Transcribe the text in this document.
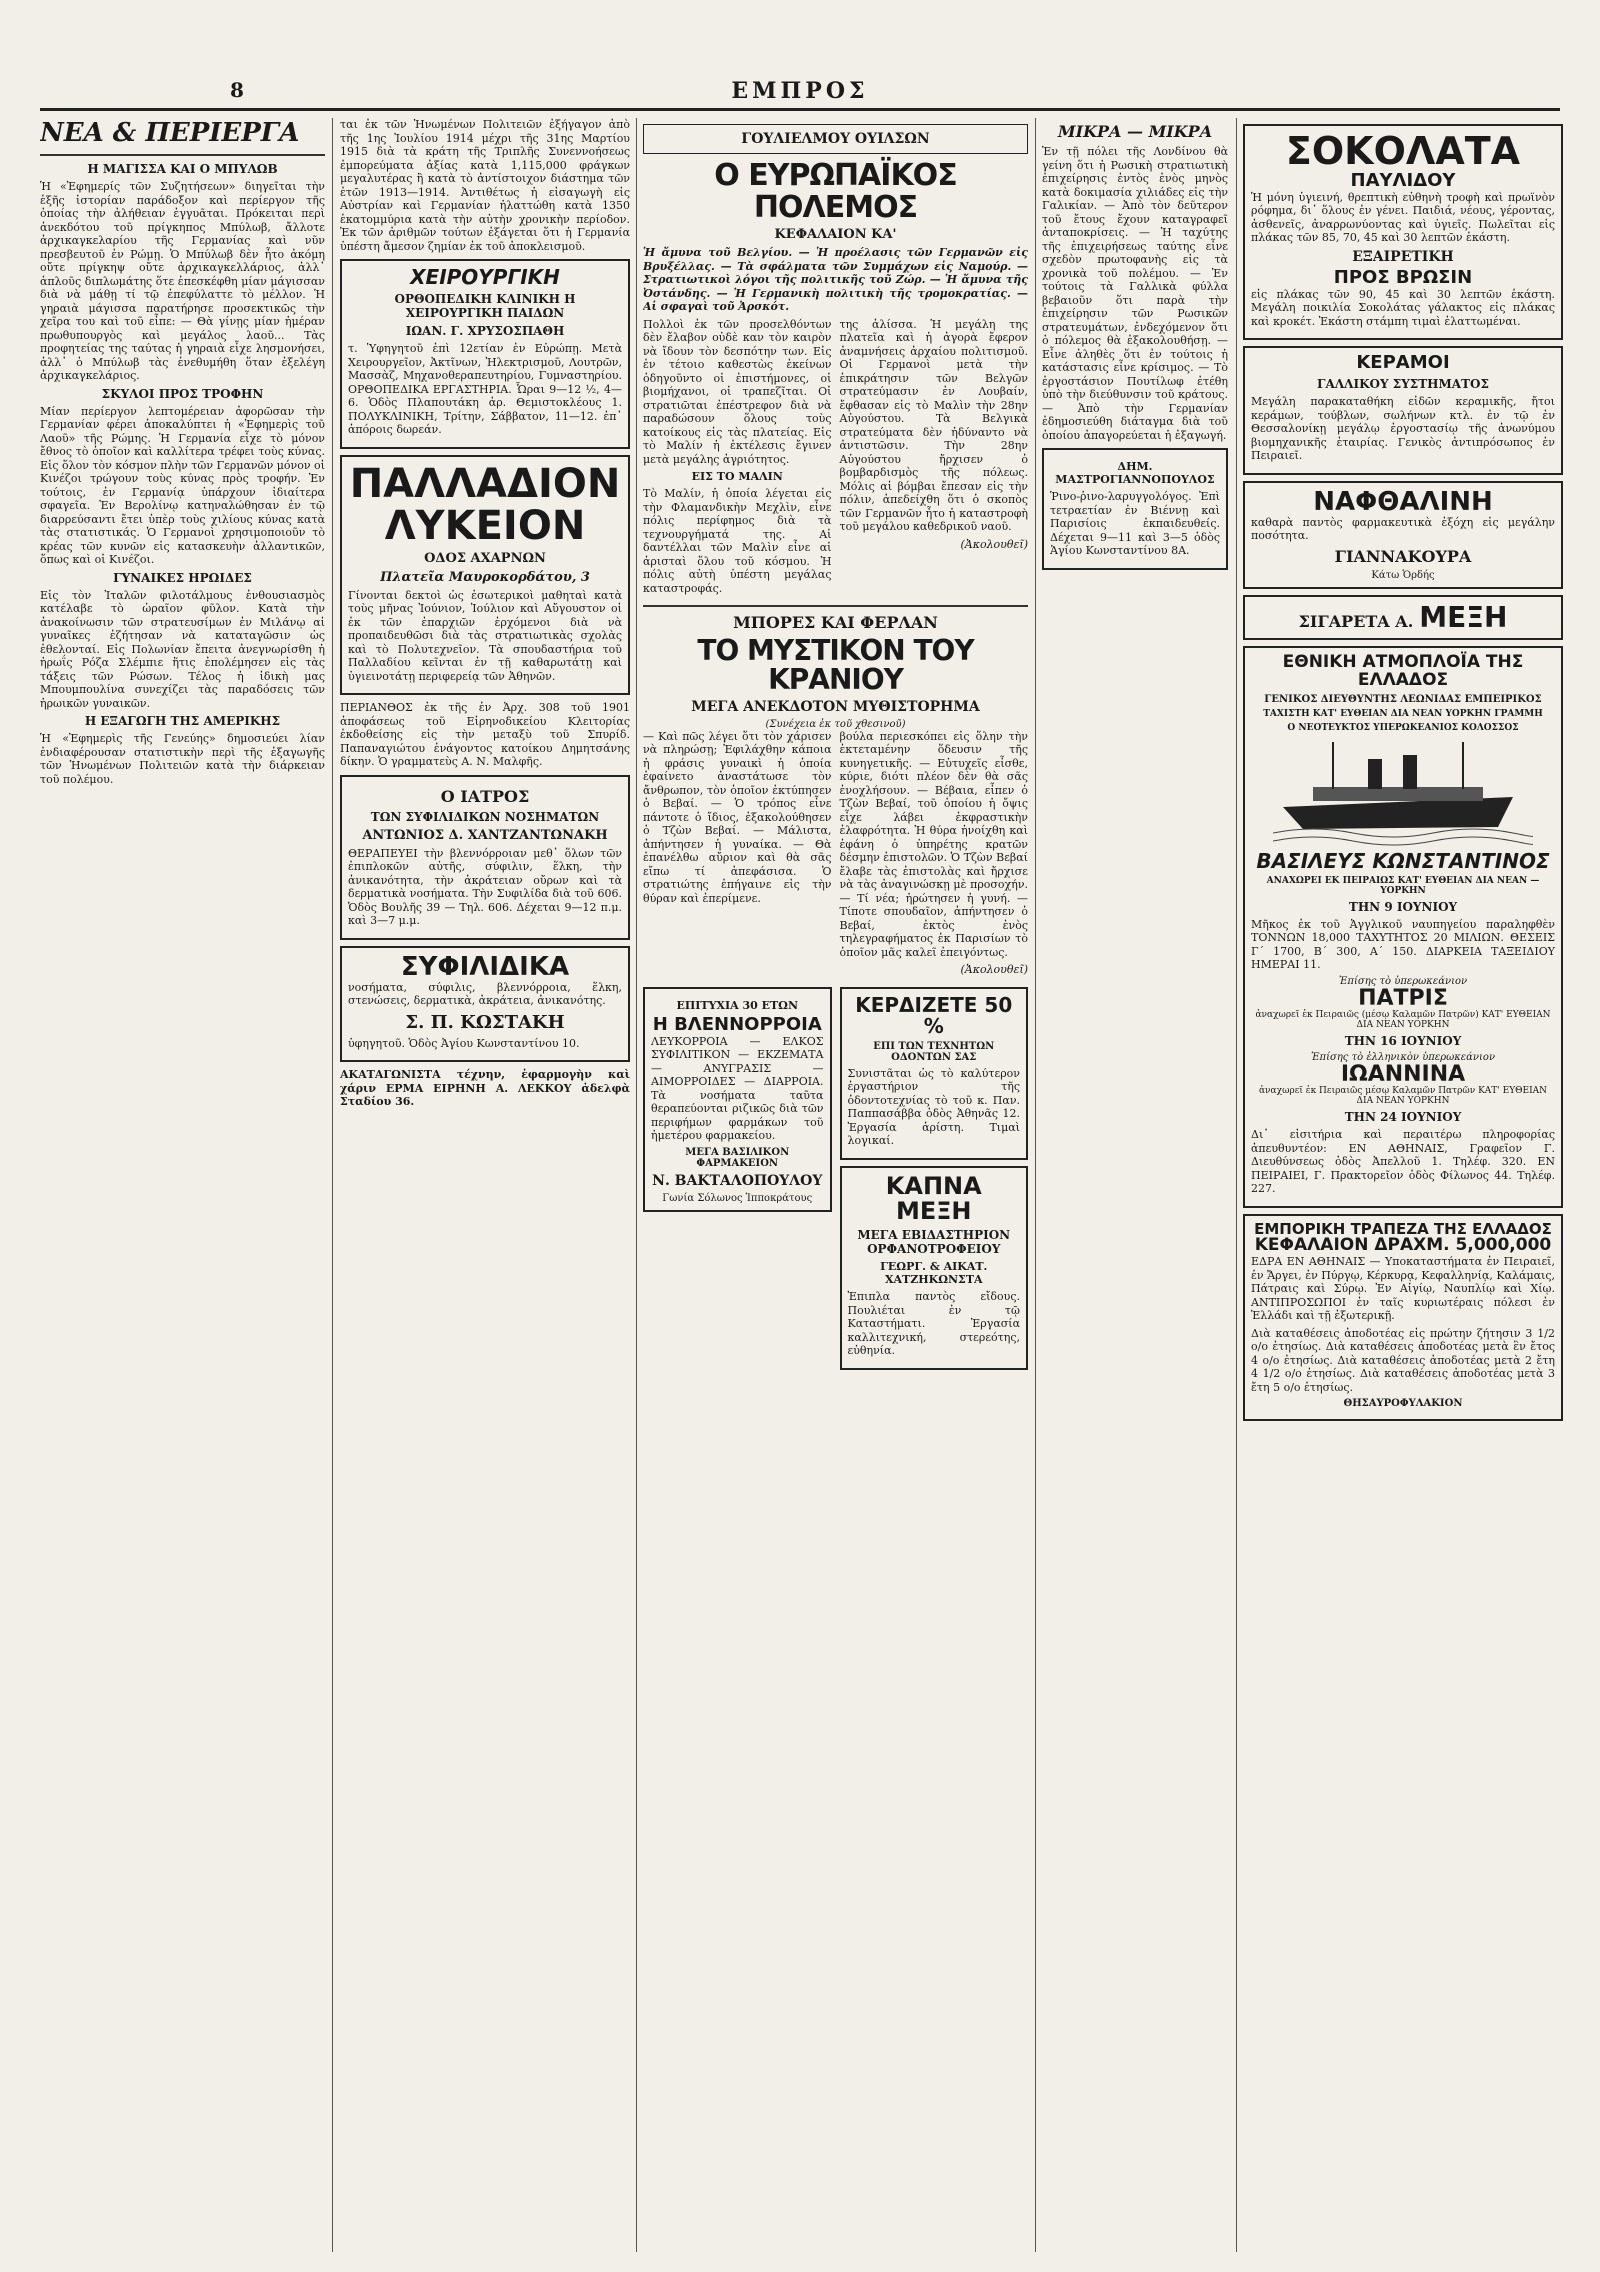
8	ΕΜΠΡΟΣ
ΝΕΑ & ΠΕΡΙΕΡΓΑ
Η ΜΑΓΙΣΣΑ ΚΑΙ Ο ΜΠΥΛΩΒ

Ἡ «Ἐφημερίς τῶν Συζητήσεων» διηγεῖται τὴν ἑξῆς ἱστορίαν παράδοξον καὶ περίεργον τῆς ὁποίας τὴν ἀλήθειαν ἐγγυᾶται. Πρόκειται περὶ ἀνεκδότου τοῦ πρίγκηπος Μπύλωβ, ἄλλοτε ἀρχικαγκελαρίου τῆς Γερμανίας καὶ νῦν πρεσβευτοῦ ἐν Ρώμῃ. Ὁ Μπύλωβ δὲν ἦτο ἀκόμη οὔτε πρίγκηψ οὔτε ἀρχικαγκελλάριος, ἀλλ᾽ ἁπλοῦς διπλωμάτης ὅτε ἐπεσκέφθη μίαν μάγισσαν διὰ νὰ μάθῃ τί τῷ ἐπεφύλαττε τὸ μέλλον. Ἡ γηραιὰ μάγισσα παρατήρησε προσεκτικῶς τὴν χεῖρα του καὶ τοῦ εἶπε: — Θὰ γίνῃς μίαν ἡμέραν πρωθυπουργὸς καὶ μεγάλος λαοῦ... Τὰς προφητείας της ταύτας ἡ γηραιὰ εἶχε λησμονήσει, ἀλλ᾽ ὁ Μπύλωβ τὰς ἐνεθυμήθη ὅταν ἐξελέγη ἀρχικαγκελάριος.

ΣΚΥΛΟΙ ΠΡΟΣ ΤΡΟΦΗΝ

Μίαν περίεργον λεπτομέρειαν ἀφορῶσαν τὴν Γερμανίαν φέρει ἀποκαλύπτει ἡ «Ἐφημερὶς τοῦ Λαοῦ» τῆς Ρώμης. Ἡ Γερμανία εἶχε τὸ μόνον ἔθνος τὸ ὁποῖον καὶ καλλίτερα τρέφει τοὺς κύνας. Εἰς ὅλον τὸν κόσμον πλὴν τῶν Γερμανῶν μόνον οἱ Κινέζοι τρώγουν τοὺς κύνας πρὸς τροφήν. Ἐν τούτοις, ἐν Γερμανίᾳ ὑπάρχουν ἰδιαίτερα σφαγεῖα. Ἐν Βερολίνῳ κατηναλώθησαν ἐν τῷ διαρρεύσαντι ἔτει ὑπὲρ τοὺς χιλίους κύνας κατὰ τὰς στατιστικάς. Ὁ Γερμανοὶ χρησιμοποιοῦν τὸ κρέας τῶν κυνῶν εἰς κατασκευὴν ἀλλαντικῶν, ὅπως καὶ οἱ Κινέζοι.

ΓΥΝΑΙΚΕΣ ΗΡΩΙΔΕΣ

Εἰς τὸν Ἰταλῶν φιλοτάλμους ἐνθουσιασμὸς κατέλαβε τὸ ὡραῖον φῦλον. Κατὰ τὴν ἀνακοίνωσιν τῶν στρατευσίμων ἐν Μιλάνῳ αἱ γυναῖκες ἐζήτησαν νὰ καταταγῶσιν ὡς ἐθελονταί. Εἰς Πολωνίαν ἔπειτα ἀνεγνωρίσθη ἡ ἡρωΐς Ρόζα Σλέμπιε ἥτις ἐπολέμησεν εἰς τὰς τάξεις τῶν Ρώσων. Τέλος ἡ ἰδικὴ μας Μπουμπουλίνα συνεχίζει τὰς παραδόσεις τῶν ἡρωικῶν γυναικῶν.

Η ΕΞΑΓΩΓΗ ΤΗΣ ΑΜΕΡΙΚΗΣ

Ἡ «Ἐφημερὶς τῆς Γενεύης» δημοσιεύει λίαν ἐνδιαφέρουσαν στατιστικὴν περὶ τῆς ἐξαγωγῆς τῶν Ἡνωμένων Πολιτειῶν κατὰ τὴν διάρκειαν τοῦ πολέμου.

ται ἐκ τῶν Ἡνωμένων Πολιτειῶν ἐξήγαγον ἀπὸ τῆς 1ης Ἰουλίου 1914 μέχρι τῆς 31ης Μαρτίου 1915 διὰ τὰ κράτη τῆς Τριπλῆς Συνεννοήσεως ἐμπορεύματα ἀξίας κατὰ 1,115,000 φράγκων μεγαλυτέρας ἢ κατὰ τὸ ἀντίστοιχον διάστημα τῶν ἐτῶν 1913—1914. Ἀντιθέτως ἡ εἰσαγωγὴ εἰς Αὐστρίαν καὶ Γερμανίαν ἠλαττώθη κατὰ 1350 ἑκατομμύρια κατὰ τὴν αὐτὴν χρονικὴν περίοδον. Ἐκ τῶν ἀριθμῶν τούτων ἐξάγεται ὅτι ἡ Γερμανία ὑπέστη ἄμεσον ζημίαν ἐκ τοῦ ἀποκλεισμοῦ.

ΧΕΙΡΟΥΡΓΙΚΗ
ΟΡΘΟΠΕΔΙΚΗ ΚΛΙΝΙΚΗ Η ΧΕΙΡΟΥΡΓΙΚΗ ΠΑΙΔΩΝ
ΙΩΑΝ. Γ. ΧΡΥΣΟΣΠΑΘΗ

τ. Ὑφηγητοῦ ἐπὶ 12ετίαν ἐν Εὐρώπῃ. Μετὰ Χειρουργεῖον, Ἀκτῖνων, Ἠλεκτρισμοῦ, Λουτρῶν, Μασσὰζ, Μηχανοθεραπευτηρίου, Γυμναστηρίου. ΟΡΘΟΠΕΔΙΚΑ ΕΡΓΑΣΤΗΡΙΑ. Ὧραι 9—12 ½, 4—6. Ὁδὸς Πλαπουτάκη ἀρ. Θεμιστοκλέους 1. ΠΟΛΥΚΛΙΝΙΚΗ, Τρίτην, Σάββατον, 11—12. ἐπ᾽ ἀπόροις δωρεάν.

ΠΑΛΛΑΔΙΟΝ ΛΥΚΕΙΟΝ
ΟΔΟΣ ΑΧΑΡΝΩΝ
Πλατεῖα Μαυροκορδάτου, 3

Γίνονται δεκτοὶ ὡς ἐσωτερικοὶ μαθηταὶ κατὰ τοὺς μῆνας Ἰούνιον, Ἰούλιον καὶ Αὔγουστον οἱ ἐκ τῶν ἐπαρχιῶν ἐρχόμενοι διὰ νὰ προπαιδευθῶσι διὰ τὰς στρατιωτικὰς σχολὰς καὶ τὸ Πολυτεχνεῖον. Τὰ σπουδαστήρια τοῦ Παλλαδίου κεῖνται ἐν τῇ καθαρωτάτῃ καὶ ὑγιεινοτάτῃ περιφερείᾳ τῶν Ἀθηνῶν.

ΠΕΡΙΑΝΘΟΣ ἐκ τῆς ἐν Ἀρχ. 308 τοῦ 1901 ἀποφάσεως τοῦ Εἰρηνοδικείου Κλειτορίας ἐκδοθείσης εἰς τὴν μεταξὺ τοῦ Σπυρίδ. Παπαναγιώτου ἐνάγοντος κατοίκου Δημητσάνης δίκην. Ὁ γραμματεὺς Α. Ν. Μαλφῆς.

Ο ΙΑΤΡΟΣ
ΤΩΝ ΣΥΦΙΛΙΔΙΚΩΝ ΝΟΣΗΜΑΤΩΝ
ΑΝΤΩΝΙΟΣ Δ. ΧΑΝΤΖΑΝΤΩΝΑΚΗ

ΘΕΡΑΠΕΥΕΙ τὴν βλεννόρροιαν μεθ᾽ ὅλων τῶν ἐπιπλοκῶν αὐτῆς, σύφιλιν, ἕλκη, τὴν ἀνικανότητα, τὴν ἀκράτειαν οὔρων καὶ τὰ δερματικὰ νοσήματα. Τὴν Συφιλίδα διὰ τοῦ 606. Ὁδὸς Βουλῆς 39 — Τηλ. 606. Δέχεται 9—12 π.μ. καὶ 3—7 μ.μ.

ΣΥΦΙΛΙΔΙΚΑ

νοσήματα, σύφιλις, βλεννόρροια, ἕλκη, στενώσεις, δερματικὰ, ἀκράτεια, ἀνικανότης.

Σ. Π. ΚΩΣΤΑΚΗ

ὑφηγητοῦ. Ὁδὸς Ἀγίου Κωνσταντίνου 10.

ΑΚΑΤΑΓΩΝΙΣΤΑ τέχνην, ἐφαρμογὴν καὶ χάριν ΕΡΜΑ ΕΙΡΗΝΗ Α. ΛΕΚΚΟΥ ἀδελφὰ Σταδίου 36.

ΓΟΥΛΙΕΛΜΟΥ ΟΥΙΛΣΩΝ
Ο ΕΥΡΩΠΑΪΚΟΣ ΠΟΛΕΜΟΣ
ΚΕΦΑΛΑΙΟΝ ΚΑ'

Ἡ ἄμυνα τοῦ Βελγίου. — Ἡ προέλασις τῶν Γερμανῶν εἰς Βρυξέλλας. — Τὰ σφάλματα τῶν Συμμάχων εἰς Ναμούρ. — Στρατιωτικοὶ λόγοι τῆς πολιτικῆς τοῦ Ζώρ. — Ἡ ἄμυνα τῆς Ὀστάνδης. — Ἡ Γερμανικὴ πολιτικὴ τῆς τρομοκρατίας. — Αἱ σφαγαὶ τοῦ Ἀρσκότ.

Πολλοὶ ἐκ τῶν προσελθόντων δὲν ἔλαβον οὐδὲ καν τὸν καιρὸν νὰ ἴδουν τὸν δεσπότην των. Εἰς ἐν τέτοιο καθεστὼς ἐκείνων ὁδηγοῦντο οἱ ἐπιστήμονες, οἱ βιομήχανοι, οἱ τραπεζῖται. Οἱ στρατιῶται ἐπέστρεφον διὰ νὰ παραδώσουν ὅλους τοὺς κατοίκους εἰς τὰς πλατείας. Εἰς τὸ Μαλίν ἡ ἐκτέλεσις ἔγινεν μετὰ μεγάλης ἀγριότητος.

ΕΙΣ ΤΟ ΜΑΛΙΝ

Τὸ Μαλίν, ἡ ὁποία λέγεται εἰς τὴν Φλαμανδικὴν Μεχλὶν, εἶνε πόλις περίφημος διὰ τὰ τεχνουργήματά της. Αἱ δαντέλλαι τῶν Μαλὶν εἶνε αἱ ἀρισταὶ ὅλου τοῦ κόσμου. Ἡ πόλις αὐτὴ ὑπέστη μεγάλας καταστροφάς.

της ἀλίσσα. Ἡ μεγάλη της πλατεῖα καὶ ἡ ἀγορὰ ἔφερον ἀναμνήσεις ἀρχαίου πολιτισμοῦ. Οἱ Γερμανοὶ μετὰ τὴν ἐπικράτησιν τῶν Βελγῶν στρατεύμασιν ἐν Λουβαίν, ἔφθασαν εἰς τὸ Μαλὶν τὴν 28ην Αὐγούστου. Τὰ Βελγικὰ στρατεύματα δὲν ἠδύναντο νὰ ἀντιστῶσιν. Τὴν 28ην Αὐγούστου ἤρχισεν ὁ βομβαρδισμὸς τῆς πόλεως. Μόλις αἱ βόμβαι ἔπεσαν εἰς τὴν πόλιν, ἀπεδείχθη ὅτι ὁ σκοπὸς τῶν Γερμανῶν ἦτο ἡ καταστροφὴ τοῦ μεγάλου καθεδρικοῦ ναοῦ.

(Ἀκολουθεῖ)

ΜΠΟΡΕΣ ΚΑΙ ΦΕΡΛΑΝ
ΤΟ ΜΥΣΤΙΚΟΝ ΤΟΥ ΚΡΑΝΙΟΥ
ΜΕΓΑ ΑΝΕΚΔΟΤΟΝ ΜΥΘΙΣΤΟΡΗΜΑ
(Συνέχεια ἐκ τοῦ χθεσινοῦ)

— Καὶ πῶς λέγει ὅτι τὸν χάρισεν νὰ πληρώσῃ; Ἐφιλάχθην κάποια ἡ φράσις γυναικὶ ἡ ὁποία ἐφαίνετο ἀναστάτωσε τὸν ἄνθρωπον, τὸν ὁποῖον ἐκτύπησεν ὁ Βεβαί. — Ὁ τρόπος εἶνε πάντοτε ὁ ἴδιος, ἐξακολούθησεν ὁ Τζὼν Βεβαί. — Μάλιστα, ἀπήντησεν ἡ γυναίκα. — Θὰ ἐπανέλθω αὔριον καὶ θὰ σᾶς εἴπω τί ἀπεφάσισα. Ὁ στρατιώτης ἐπήγαινε εἰς τὴν θύραν καὶ ἐπερίμενε.

βούλα περιεσκόπει εἰς ὅλην τὴν ἐκτεταμένην ὅδευσιν τῆς κυνηγετικῆς. — Εὐτυχεῖς εἶσθε, κύριε, διότι πλέον δὲν θὰ σᾶς ἐνοχλήσουν. — Βέβαια, εἶπεν ὁ Τζὼν Βεβαί, τοῦ ὁποίου ἡ ὄψις εἶχε λάβει ἐκφραστικὴν ἐλαφρότητα. Ἡ θύρα ἠνοίχθη καὶ ἐφάνη ὁ ὑπηρέτης κρατῶν δέσμην ἐπιστολῶν. Ὁ Τζὼν Βεβαί ἔλαβε τὰς ἐπιστολὰς καὶ ἤρχισε νὰ τὰς ἀναγινώσκῃ μὲ προσοχήν. — Τί νέα; ἠρώτησεν ἡ γυνή. — Τίποτε σπουδαῖον, ἀπήντησεν ὁ Βεβαί, ἐκτὸς ἑνὸς τηλεγραφήματος ἐκ Παρισίων τὸ ὁποῖον μᾶς καλεῖ ἐπειγόντως.

(Ἀκολουθεῖ)

ΕΠΙΤΥΧΙΑ 30 ΕΤΩΝ
Η ΒΛΕΝΝΟΡΡΟΙΑ

ΛΕΥΚΟΡΡΟΙΑ — ΕΛΚΟΣ ΣΥΦΙΛΙΤΙΚΟΝ — ΕΚΖΕΜΑΤΑ — ΑΝΥΓΡΑΣΙΣ — ΑΙΜΟΡΡΟΙΔΕΣ — ΔΙΑΡΡΟΙΑ. Τὰ νοσήματα ταῦτα θεραπεύονται ριζικῶς διὰ τῶν περιφήμων φαρμάκων τοῦ ἡμετέρου φαρμακείου.

ΜΕΓΑ ΒΑΣΙΛΙΚΟΝ ΦΑΡΜΑΚΕΙΟΝ
Ν. ΒΑΚΤΑΛΟΠΟΥΛΟΥ
Γωνία Σόλωνος Ἱπποκράτους
ΚΕΡΔΙΖΕΤΕ 50 %
ΕΠΙ ΤΩΝ ΤΕΧΝΗΤΩΝ ΟΔΟΝΤΩΝ ΣΑΣ

Συνιστᾶται ὡς τὸ καλύτερον ἐργαστήριον τῆς ὀδοντοτεχνίας τὸ τοῦ κ. Παν. Παππασάββα ὁδὸς Ἀθηνᾶς 12. Ἐργασία ἀρίστη. Τιμαὶ λογικαί.

ΚΑΠΝΑ ΜΕΞΗ
ΜΕΓΑ ΕΒΙΔΑΣΤΗΡΙΟΝ ΟΡΦΑΝΟΤΡΟΦΕΙΟΥ
ΓΕΩΡΓ. & ΑΙΚΑΤ. ΧΑΤΖΗΚΩΝΣΤΑ

Ἐπιπλα παντὸς εἴδους. Πουλιέται ἐν τῷ Καταστήματι. Ἐργασία καλλιτεχνική, στερεότης, εὐθηνία.

ΜΙΚΡΑ — ΜΙΚΡΑ

Ἐν τῇ πόλει τῆς Λονδίνου θὰ γείνη ὅτι ἡ Ρωσικὴ στρατιωτικὴ ἐπιχείρησις ἐντὸς ἑνὸς μηνὸς κατὰ δοκιμασία χιλιάδες εἰς τὴν Γαλικίαν. — Ἀπὸ τὸν δεῦτερον τοῦ ἔτους ἔχουν καταγραφεῖ ἀνταποκρίσεις. — Ἡ ταχύτης τῆς ἐπιχειρήσεως ταύτης εἶνε σχεδὸν πρωτοφανὴς εἰς τὰ χρονικὰ τοῦ πολέμου. — Ἐν τούτοις τὰ Γαλλικὰ φύλλα βεβαιοῦν ὅτι παρὰ τὴν ἐπιχείρησιν τῶν Ρωσικῶν στρατευμάτων, ἐνδεχόμενον ὅτι ὁ πόλεμος θὰ ἐξακολουθήσῃ. — Εἶνε ἀληθὲς ὅτι ἐν τούτοις ἡ κατάστασις εἶνε κρίσιμος. — Τὸ ἐργοστάσιον Πουτίλωφ ἐτέθη ὑπὸ τὴν διεύθυνσιν τοῦ κράτους. — Ἀπὸ τὴν Γερμανίαν ἐδημοσιεύθη διάταγμα διὰ τοῦ ὁποίου ἀπαγορεύεται ἡ ἐξαγωγή.

ΔΗΜ. ΜΑΣΤΡΟΓΙΑΝΝΟΠΟΥΛΟΣ

Ῥινο-ῥινο-λαρυγγολόγος. Ἐπὶ τετραετίαν ἐν Βιέννῃ καὶ Παρισίοις ἐκπαιδευθείς. Δέχεται 9—11 καὶ 3—5 ὁδὸς Ἁγίου Κωνσταντίνου 8Α.

ΣΟΚΟΛΑΤΑ
ΠΑΥΛΙΔΟΥ

Ἡ μόνη ὑγιεινή, θρεπτικὴ εὐθηνὴ τροφὴ καὶ πρωϊνὸν ρόφημα, δι᾽ ὅλους ἐν γένει. Παιδιά, νέους, γέροντας, ἀσθενεῖς, ἀναρρωνύοντας καὶ ὑγιεῖς. Πωλεῖται εἰς πλάκας τῶν 85, 70, 45 καὶ 30 λεπτῶν ἑκάστη.

ΕΞΑΙΡΕΤΙΚΗ
ΠΡΟΣ ΒΡΩΣΙΝ

εἰς πλάκας τῶν 90, 45 καὶ 30 λεπτῶν ἑκάστη. Μεγάλη ποικιλία Σοκολάτας γάλακτος εἰς πλάκας καὶ κροκέτ. Ἐκάστη στάμπη τιμαὶ ἐλαττωμέναι.

ΚΕΡΑΜΟΙ
ΓΑΛΛΙΚΟΥ ΣΥΣΤΗΜΑΤΟΣ

Μεγάλη παρακαταθήκη εἰδῶν κεραμικῆς, ἤτοι κεράμων, τούβλων, σωλήνων κτλ. ἐν τῷ ἐν Θεσσαλονίκῃ μεγάλῳ ἐργοστασίῳ τῆς ἀνωνύμου βιομηχανικῆς ἑταιρίας. Γενικὸς ἀντιπρόσωπος ἐν Πειραιεῖ.

ΝΑΦΘΑΛΙΝΗ

καθαρὰ παντὸς φαρμακευτικὰ ἐξόχη εἰς μεγάλην ποσότητα.

ΓΙΑΝΝΑΚΟΥΡΑ
Κάτω Ὁρδής
ΣΙΓΑΡΕΤΑ Α. ΜΕΞΗ
ΕΘΝΙΚΗ ΑΤΜΟΠΛΟΪΑ ΤΗΣ ΕΛΛΑΔΟΣ
ΓΕΝΙΚΟΣ ΔΙΕΥΘΥΝΤΗΣ ΛΕΩΝΙΔΑΣ ΕΜΠΕΙΡΙΚΟΣ
ΤΑΧΙΣΤΗ ΚΑΤ' ΕΥΘΕΙΑΝ ΔΙΑ ΝΕΑΝ ΥΟΡΚΗΝ ΓΡΑΜΜΗ
Ο ΝΕΟΤΕΥΚΤΟΣ ΥΠΕΡΩΚΕΑΝΙΟΣ ΚΟΛΟΣΣΟΣ
ΒΑΣΙΛΕΥΣ ΚΩΝΣΤΑΝΤΙΝΟΣ
ΑΝΑΧΩΡΕΙ ΕΚ ΠΕΙΡΑΙΩΣ ΚΑΤ' ΕΥΘΕΙΑΝ ΔΙΑ ΝΕΑΝ — ΥΟΡΚΗΝ
ΤΗΝ 9 ΙΟΥΝΙΟΥ

Μῆκος ἐκ τοῦ Ἀγγλικοῦ ναυπηγείου παραληφθὲν ΤΟΝΝΩΝ 18,000 ΤΑΧΥΤΗΤΟΣ 20 ΜΙΛΙΩΝ. ΘΕΣΕΙΣ Γ΄ 1700, Β΄ 300, Α΄ 150. ΔΙΑΡΚΕΙΑ ΤΑΞΕΙΔΙΟΥ ΗΜΕΡΑΙ 11.

Ἐπίσης τὸ ὑπερωκεάνιον
ΠΑΤΡΙΣ
ἀναχωρεῖ ἐκ Πειραιῶς (μέσῳ Καλαμῶν Πατρῶν) ΚΑΤ' ΕΥΘΕΙΑΝ ΔΙΑ ΝΕΑΝ ΥΟΡΚΗΝ
ΤΗΝ 16 ΙΟΥΝΙΟΥ
Ἐπίσης τὸ ἑλληνικὸν ὑπερωκεάνιον
ΙΩΑΝΝΙΝΑ
ἀναχωρεῖ ἐκ Πειραιῶς μέσῳ Καλαμῶν Πατρῶν ΚΑΤ' ΕΥΘΕΙΑΝ ΔΙΑ ΝΕΑΝ ΥΟΡΚΗΝ
ΤΗΝ 24 ΙΟΥΝΙΟΥ

Δι᾽ εἰσιτήρια καὶ περαιτέρω πληροφορίας ἀπευθυντέον: ΕΝ ΑΘΗΝΑΙΣ, Γραφεῖον Γ. Διευθύνσεως ὁδὸς Ἀπελλοῦ 1. Τηλέφ. 320. ΕΝ ΠΕΙΡΑΙΕΙ, Γ. Πρακτορεῖον ὁδὸς Φίλωνος 44. Τηλέφ. 227.

ΕΜΠΟΡΙΚΗ ΤΡΑΠΕΖΑ ΤΗΣ ΕΛΛΑΔΟΣ
ΚΕΦΑΛΑΙΟΝ ΔΡΑΧΜ. 5,000,000

ΕΔΡΑ ΕΝ ΑΘΗΝΑΙΣ — Υποκαταστήματα ἐν Πειραιεῖ, ἐν Ἄργει, ἐν Πύργῳ, Κέρκυρᾳ, Κεφαλληνίᾳ, Καλάμαις, Πάτραις καὶ Σύρῳ. Ἐν Αἰγίῳ, Ναυπλίῳ καὶ Χίῳ. ΑΝΤΙΠΡΟΣΩΠΟΙ ἐν ταῖς κυριωτέραις πόλεσι ἐν Ἑλλάδι καὶ τῇ ἐξωτερικῇ.

Διὰ καταθέσεις ἀποδοτέας εἰς πρώτην ζήτησιν 3 1/2 ο/ο ἐτησίως. Διὰ καταθέσεις ἀποδοτέας μετὰ ἓν ἔτος 4 ο/ο ἐτησίως. Διὰ καταθέσεις ἀποδοτέας μετὰ 2 ἔτη 4 1/2 ο/ο ἐτησίως. Διὰ καταθέσεις ἀποδοτέας μετὰ 3 ἔτη 5 ο/ο ἐτησίως.

ΘΗΣΑΥΡΟΦΥΛΑΚΙΟΝ
